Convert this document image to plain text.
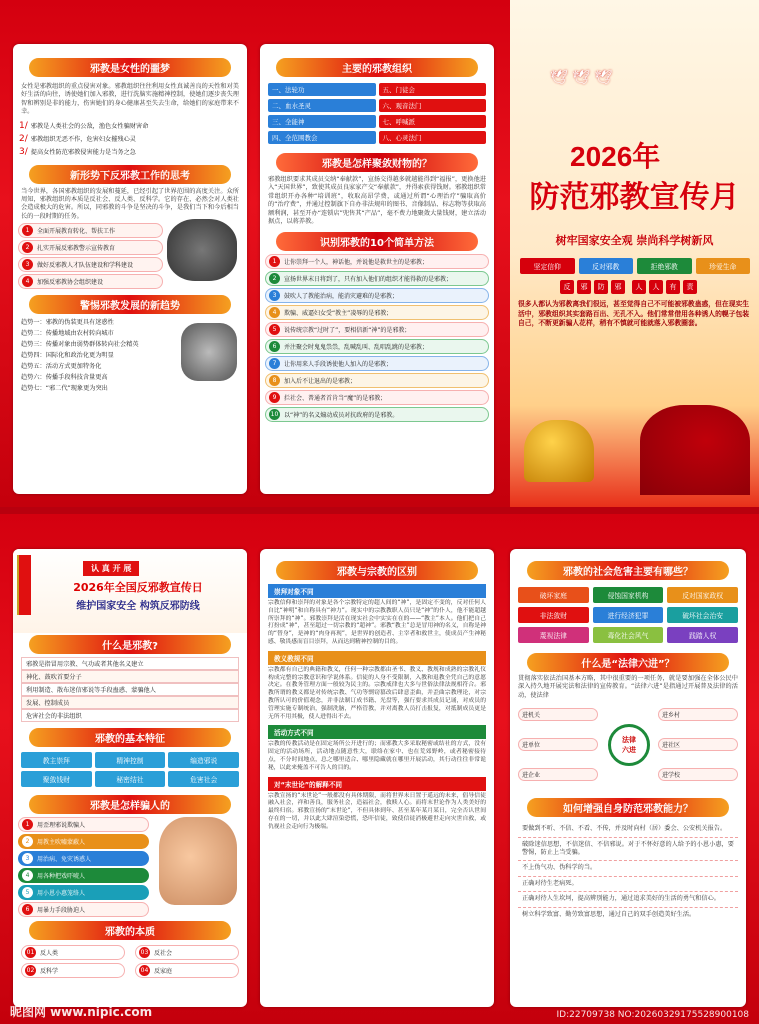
邪教是女性的噩梦
女性是邪教组织的重点侵害对象。邪教组织往往利用女性真诚善良的天性和对美好生活的向往，诱使她们加入邪教，进行洗脑实施精神控制，使她们逐步丧失理智和辨别是非的能力，伤害她们的身心健康甚至失去生命，给她们的家庭带来不幸。
1/ 邪教是人类社会的公敌，渔色女性骗财害命
2/ 邪教组织无恶不作，危害妇女摧残心灵
3/ 提高女性防范邪教侵害能力是当务之急
新形势下反邪教工作的思考
当今世界，各国邪教组织的发展和蔓延，已经引起了世界范围的高度关注。众所周知，邪教组织的本质是反社会、反人类、反科学。它的存在，必然会对人类社会造成极大的危害。所以，同邪教的斗争是坚决的斗争，是我们当下和今后相当长的一段时期的任务。
1	全面开展教育转化、帮扶工作
2	扎实开展反邪教警示宣传教育
3	做好反邪教人才队伍建设和学科建设
4	加强反邪教协会组织建设
警惕邪教发展的新趋势
趋势一：邪教的伪装更具有迷惑性
趋势二：传播地域由农村转向城市
趋势三：传播对象由弱势群体转向社会精英
趋势四：国际化和政治化更为明显
趋势五：活动方式更加特务化
趋势六：传播手段科技含量更高
趋势七：“邪二代”现象更为突出
主要的邪教组织
一、法轮功	五、门徒会
二、血水圣灵	六、观音法门
三、全能神	七、呼喊派
四、全范围教会	八、心灵法门
邪教是怎样聚敛财物的？
邪教组织要求其成员交纳“奉献款”，宣扬交得越多就越能得到“福报”，更换他进入“天国世界”，致使其成员良家家产交“奉献款”，并得索获得钱财。邪教组织常常组织开办各种“培训班”，收取高昂学费，或通过所谓“心理治疗”骗取高价的“治疗费”，并通过控制旗下自办非法规印的图书、音像制品、标志物等获取高额利润，甚至开办“连锁店”兜售其“产品”，毫不费力地聚敛大量钱财，建立活动据点，以蒋养教。
识别邪教的10个简单方法
1	让你崇拜一个人，神话他，并说他是救世主的是邪教；
2	宣扬世界末日将到了，只有加入他们的组织才能得救的是邪教；
3	鼓吹人了教能治病，能消灾避难的是邪教；
4	欺骗、威逼妇女受“教主”凌辱的是邪教；
5	说传统宗教“过时了”，要相信新“神”的是邪教；
6	并注聚会时鬼鬼祟祟，乱喊乱叫、乱唱乱跳的是邪教；
7	让你用来人手段诱使他人加入的是邪教；
8	加入后不让退出的是邪教；
9	拦社会、普通者首肯当“魔”的是邪教；
10 以“神”的名义煽动成员对抗政府的是邪教。
🕊 🕊 🕊
2026年
防范邪教宣传月
树牢国家安全观 崇尚科学树新风
坚定信仰	反对邪教	拒绝邪教	珍爱生命
反	邪	防	邪	人	人	有	责
很多人都认为邪教离我们很远，甚至觉得自己不可能被邪教蛊惑，但在现实生活中，邪教组织其实套路百出、无孔不入。他们常常借用各种诱人的幌子包装自己，不断更新骗人花样，稍有不慎就可能就落入邪教圈套。
认 真 开 展
2026年全国反邪教宣传日
维护国家安全 构筑反邪防线
什么是邪教?
邪教是指冒用宗教、气功或者其他名义建立
神化、鼓吹首要分子
利用制造、散布迷信邪说等手段蛊惑、蒙骗他人
发展、控制成员
危害社会的非法组织
邪教的基本特征
教主崇拜	精神控制	编造邪说
聚敛钱财	秘密结社	危害社会
邪教是怎样骗人的
1	用歪理邪说欺骗人
2	用教主吹嘘蒙蔽人
3	用治病、免灾诱惑人
4	用各种把戏吓唬人
5	用小恩小惠笼络人
6	用暴力手段胁迫人
邪教的本质
01 反人类	03 反社会
02 反科学	04 反家庭
邪教与宗教的区别
崇拜对象不同
宗教信仰和崇拜的对象是各个宗教特定的超人间的“神”，是固定不变的，反对任何人自比“神明”和自称具有“神力”。现实中的宗教教职人员只是“神”的仆人，他不能超越所崇拜的“神”。邪教崇拜是活在现实社会中实实在在的——“教主”本人。他们把自己打扮成“神”，甚至超过一切宗教的“超神”。邪教“教主”总是冒用神的名义，自称是神的“替身”，是神的“肉身再现”，是世界的创造者、主宰者和救世主，使成员产生神秘感、敬畏感而盲目崇拜，从而达到精神控制的目的。
教义教规不同
宗教都有自己的典籍和教义，任何一种宗教都由圣书、教义、教规和成熟的宗教礼仪构成完整的宗教意识和学说体系。信徒的人身不受限制，入教和退教全凭自己的意愿决定。在教务管理方面一般较为民主的。宗教戒律也大多与世俗法律法规相符合。邪教所谓的教义都是对传统宗教、气功等剽窃篡改后肆意歪曲，并歪曲宗教理论，对宗教所认可的价值观念，并非法制订成书籍、光盘等，强行要求其成员记诵，对成员的管理实施专制统治，强制洗脑，严格管教，并对离教人员打击报复，对抵制成员更是无所不用其极，使人进得出不去。
活动方式不同
宗教的传教活动是在固定场所公开进行的；而邪教大多采取秘密或结社的方式，没有固定的活动场所，活动地点随意性大，联络在家中、也在荒郊野岭，或者秘密接待点，不分时间地点，总之哪里适合、哪里隐藏就在哪里开展活动，其行动往往非常诡秘，以此来掩盖不可告人的目的。
对“末世论”的解释不同
宗教宣扬的“末世论”一般都没有具体期限，而将世界末日置于遥远的未来，倡导信徒融入社会，祥和善良，服务社会，造福社会，救赎人心。而将末世论作为人类美好的最终归宿。邪教宣扬的“末世论”，不但具体到年、甚至某年某月某日，完全否认世间存在的一切，并以此大肆渲染恐慌，恐吓信徒，致使信徒消极避世走向灾世自救，或仇视社会走向行为极端。
邪教的社会危害主要有哪些？
破坏家庭	侵蚀国家机构	反对国家政权
非法敛财	进行经济犯罪	破坏社会治安
蔑视法律	毒化社会风气	践踏人权
什么是“法律六进”？
贯彻落实依法治国基本方略，其中很重要的一项任务，就是要加强在全体公民中深入持久地开展宪法和法律的宣传教育。“法律六进”是指通过开展普及法律的活动，使法律
法律
六进
进机关	进乡村
进单位	进社区
进企业	进学校
如何增强自身防范邪教能力？
要做到不听、不信、不看、不传，并及时向村（居）委会、公安机关报告。
破除迷信思想，不信迷信、不信邪说。对于不怀好意的人给予的小恩小惠，要警惕，防止上当受骗。
不上伪气功、伪科学的当。
正确对待生老病死。
正确对待人生坎坷，提高辨别能力，通过追求美好的生活的勇气和信心。
树立科学致富、勤劳致富思想，通过自己的双手创造美好生活。
昵图网 www.nipic.com	ID:22709738 NO:20260329175528900108
